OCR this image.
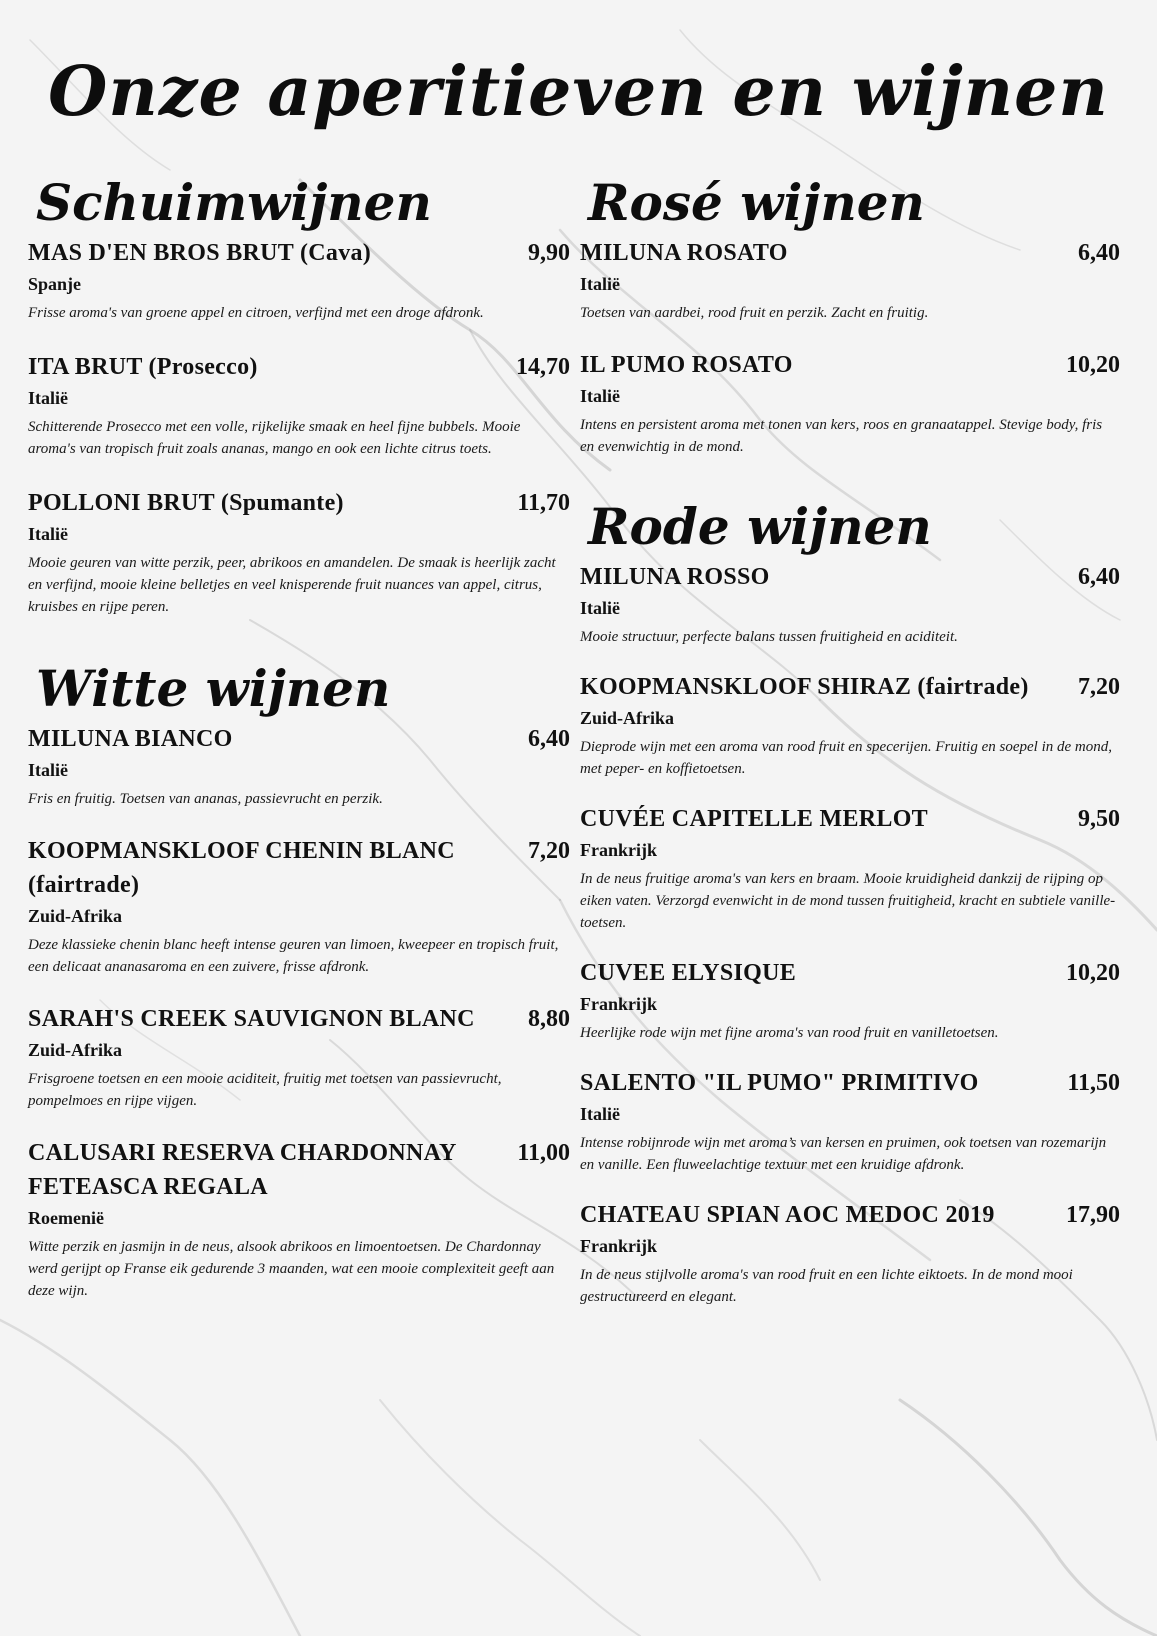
Onze aperitieven en wijnen
Schuimwijnen
MAS D'EN BROS BRUT (Cava)	9,90
Spanje
Frisse aroma's van groene appel en citroen, verfijnd met een droge afdronk.
ITA BRUT (Prosecco)	14,70
Italië
Schitterende Prosecco met een volle, rijkelijke smaak en heel fijne bubbels. Mooie aroma's van tropisch fruit zoals ananas, mango en ook een lichte citrus toets.
POLLONI BRUT (Spumante)	11,70
Italië
Mooie geuren van witte perzik, peer, abrikoos en amandelen. De smaak is heerlijk zacht en verfijnd, mooie kleine belletjes en veel knisperende fruit nuances van appel, citrus, kruisbes en rijpe peren.
Witte wijnen
MILUNA BIANCO	6,40
Italië
Fris en fruitig. Toetsen van ananas, passievrucht en perzik.
KOOPMANSKLOOF CHENIN BLANC (fairtrade)
7,20
Zuid-Afrika
Deze klassieke chenin blanc heeft intense geuren van limoen, kweepeer en tropisch fruit, een delicaat ananasaroma en een zuivere, frisse afdronk.
SARAH'S CREEK SAUVIGNON BLANC 8,80
Zuid-Afrika
Frisgroene toetsen en een mooie aciditeit, fruitig met toetsen van passievrucht, pompelmoes en rijpe vijgen.
CALUSARI RESERVA CHARDONNAY FETEASCA REGALA
11,00
Roemenië
Witte perzik en jasmijn in de neus, alsook abrikoos en limoentoetsen. De Chardonnay werd gerijpt op Franse eik gedurende 3 maanden, wat een mooie complexiteit geeft aan deze wijn.
Rosé wijnen
MILUNA ROSATO	6,40
Italië
Toetsen van aardbei, rood fruit en perzik. Zacht en fruitig.
IL PUMO ROSATO	10,20
Italië
Intens en persistent aroma met tonen van kers, roos en granaatappel. Stevige body, fris en evenwichtig in de mond.
Rode wijnen
MILUNA ROSSO	6,40
Italië
Mooie structuur, perfecte balans tussen fruitigheid en aciditeit.
KOOPMANSKLOOF SHIRAZ (fairtrade) 7,20
Zuid-Afrika
Dieprode wijn met een aroma van rood fruit en specerijen. Fruitig en soepel in de mond, met peper- en koffietoetsen.
CUVÉE CAPITELLE MERLOT	9,50
Frankrijk
In de neus fruitige aroma's van kers en braam. Mooie kruidigheid dankzij de rijping op eiken vaten. Verzorgd evenwicht in de mond tussen fruitigheid, kracht en subtiele vanille-toetsen.
CUVEE ELYSIQUE	10,20
Frankrijk
Heerlijke rode wijn met fijne aroma's van rood fruit en vanilletoetsen.
SALENTO "IL PUMO" PRIMITIVO	11,50
Italië
Intense robijnrode wijn met aroma’s van kersen en pruimen, ook toetsen van rozemarijn en vanille. Een fluweelachtige textuur met een kruidige afdronk.
CHATEAU SPIAN AOC MEDOC 2019	17,90
Frankrijk
In de neus stijlvolle aroma's van rood fruit en een lichte eiktoets. In de mond mooi gestructureerd en elegant.
